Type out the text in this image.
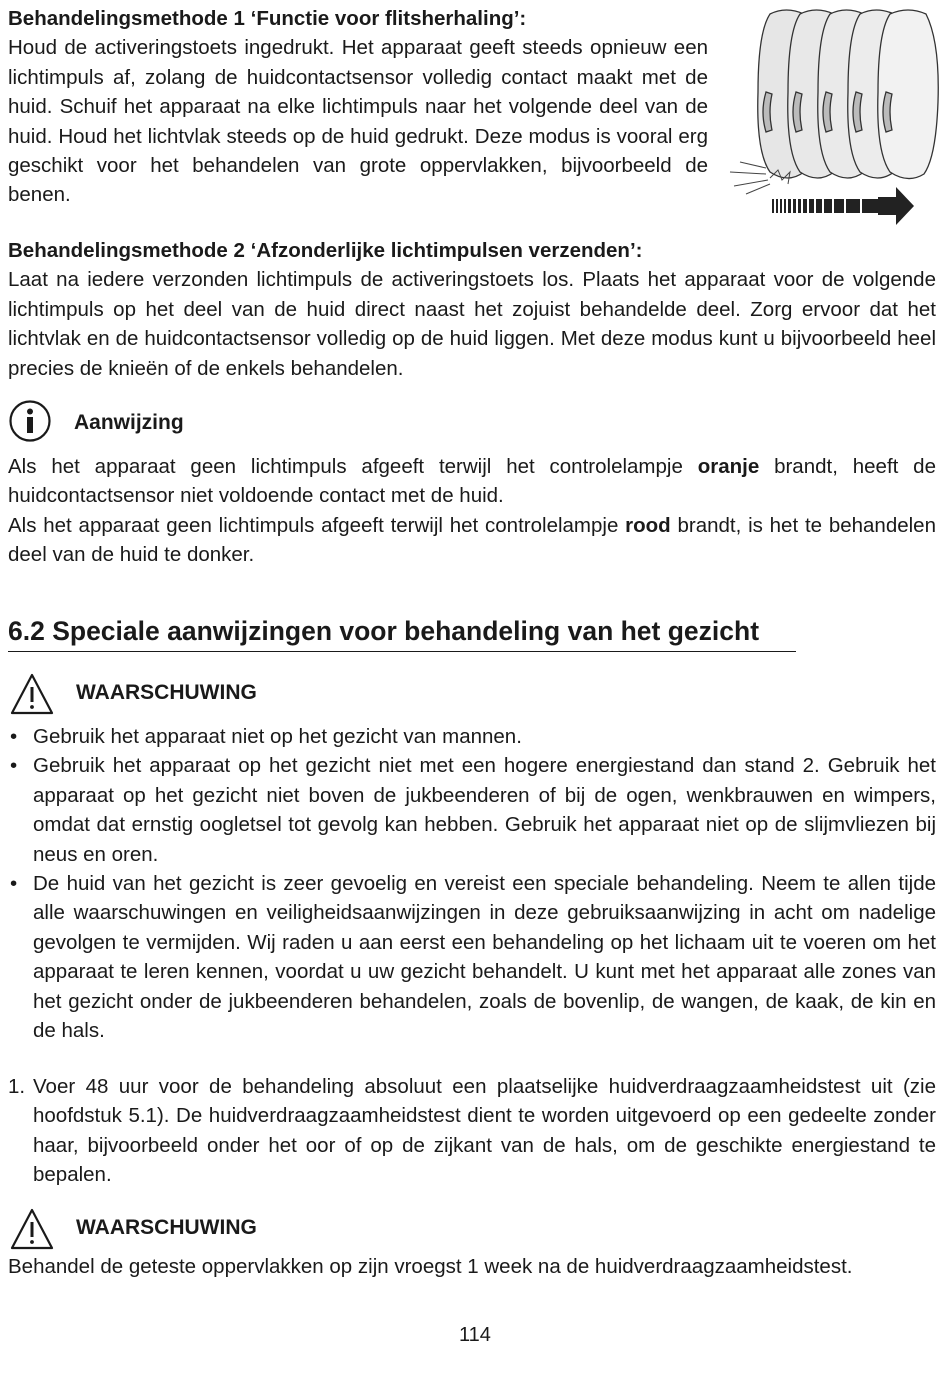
Behandelingsmethode 1 ‘Functie voor flitsherhaling’:

Houd de activeringstoets ingedrukt. Het apparaat geeft steeds opnieuw een lichtimpuls af, zolang de huidcontactsensor volledig contact maakt met de huid. Schuif het apparaat na elke lichtimpuls naar het volgende deel van de huid. Houd het lichtvlak steeds op de huid gedrukt. Deze modus is vooral erg geschikt voor het behandelen van grote oppervlakken, bijvoorbeeld de benen.

Behandelingsmethode 2 ‘Afzonderlijke lichtimpulsen verzenden’:

Laat na iedere verzonden lichtimpuls de activeringstoets los. Plaats het apparaat voor de volgende lichtimpuls op het deel van de huid direct naast het zojuist behandelde deel. Zorg ervoor dat het lichtvlak en de huidcontactsensor volledig op de huid liggen. Met deze modus kunt u bijvoorbeeld heel precies de knieën of de enkels behandelen.

Aanwijzing

Als het apparaat geen lichtimpuls afgeeft terwijl het controlelampje oranje brandt, heeft de huidcontactsensor niet voldoende contact met de huid.

Als het apparaat geen lichtimpuls afgeeft terwijl het controlelampje rood brandt, is het te behandelen deel van de huid te donker.

6.2 Speciale aanwijzingen voor behandeling van het gezicht
WAARSCHUWING
• Gebruik het apparaat niet op het gezicht van mannen.
• Gebruik het apparaat op het gezicht niet met een hogere energiestand dan stand 2. Gebruik het apparaat op het gezicht niet boven de jukbeenderen of bij de ogen, wenkbrauwen en wimpers, omdat dat ernstig oogletsel tot gevolg kan hebben. Gebruik het apparaat niet op de slijmvliezen bij neus en oren.
• De huid van het gezicht is zeer gevoelig en vereist een speciale behandeling. Neem te allen tijde alle waarschuwingen en veiligheidsaanwijzingen in deze gebruiksaanwijzing in acht om nadelige gevolgen te vermijden. Wij raden u aan eerst een behandeling op het lichaam uit te voeren om het apparaat te leren kennen, voordat u uw gezicht behandelt. U kunt met het apparaat alle zones van het gezicht onder de jukbeenderen behandelen, zoals de bovenlip, de wangen, de kaak, de kin en de hals.
1. Voer 48 uur voor de behandeling absoluut een plaatselijke huidverdraagzaamheidstest uit (zie hoofdstuk 5.1). De huidverdraagzaamheidstest dient te worden uitgevoerd op een gedeelte zonder haar, bijvoorbeeld onder het oor of op de zijkant van de hals, om de geschikte energiestand te bepalen.

WAARSCHUWING
Behandel de geteste oppervlakken op zijn vroegst 1 week na de huidverdraagzaamheidstest.
114
